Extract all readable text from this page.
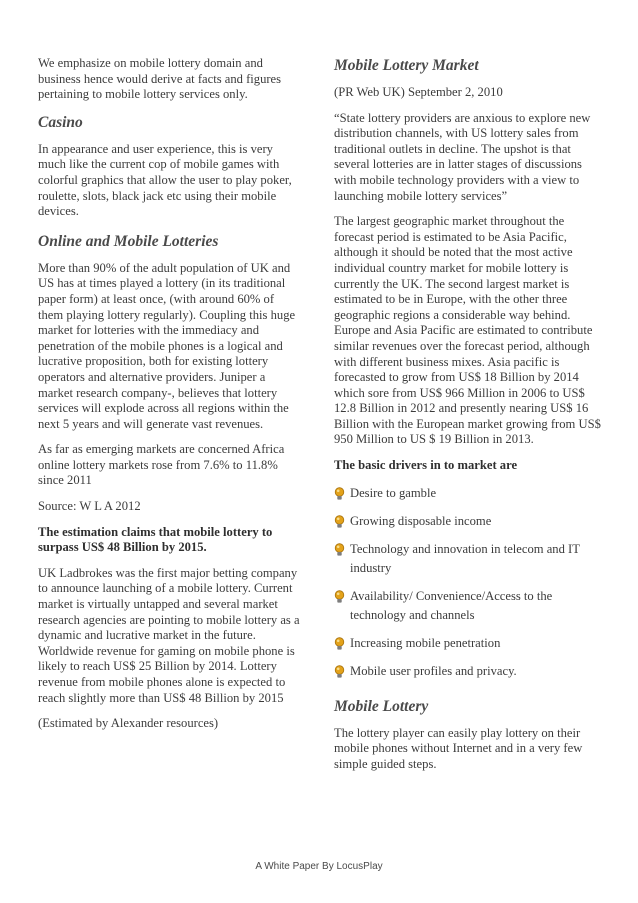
We emphasize on mobile lottery domain and business hence would derive at facts and figures pertaining to mobile lottery services only.

Casino

In appearance and user experience, this is very much like the current cop of mobile games with colorful graphics that allow the user to play poker, roulette, slots, black jack etc using their mobile devices.

Online and Mobile Lotteries

More than 90% of the adult population of UK and US has at times played a lottery (in its traditional paper form) at least once, (with around 60% of them playing lottery regularly). Coupling this huge market for lotteries with the immediacy and penetration of the mobile phones is a logical and lucrative proposition, both for existing lottery operators and alternative providers. Juniper a market research company-, believes that lottery services will explode across all regions within the next 5 years and will generate vast revenues.

As far as emerging markets are concerned Africa online lottery markets rose from 7.6% to 11.8% since 2011

Source: W L A 2012

The estimation claims that mobile lottery to surpass US$ 48 Billion by 2015.

UK Ladbrokes was the first major betting company to announce launching of a mobile lottery. Current market is virtually untapped and several market research agencies are pointing to mobile lottery as a dynamic and lucrative market in the future. Worldwide revenue for gaming on mobile phone is likely to reach US$ 25 Billion by 2014. Lottery revenue from mobile phones alone is expected to reach slightly more than US$ 48 Billion by 2015

(Estimated by Alexander resources)

Mobile Lottery Market

(PR Web UK) September 2, 2010

“State lottery providers are anxious to explore new distribution channels, with US lottery sales from traditional outlets in decline. The upshot is that several lotteries are in latter stages of discussions with mobile technology providers with a view to launching mobile lottery services”

The largest geographic market throughout the forecast period is estimated to be Asia Pacific, although it should be noted that the most active individual country market for mobile lottery is currently the UK. The second largest market is estimated to be in Europe, with the other three geographic regions a considerable way behind. Europe and Asia Pacific are estimated to contribute similar revenues over the forecast period, although with different business mixes. Asia pacific is forecasted to grow from US$ 18 Billion by 2014 which sore from US$ 966 Million in 2006 to US$ 12.8 Billion in 2012 and presently nearing US$ 16 Billion with the European market growing from US$ 950 Million to US $ 19 Billion in 2013.

The basic drivers in to market are

Desire to gamble
Growing disposable income
Technology and innovation in telecom and IT industry
Availability/ Convenience/Access to the technology and channels
Increasing mobile penetration
Mobile user profiles and privacy.
Mobile Lottery

The lottery player can easily play lottery on their mobile phones without Internet and in a very few simple guided steps.

A White Paper By LocusPlay
